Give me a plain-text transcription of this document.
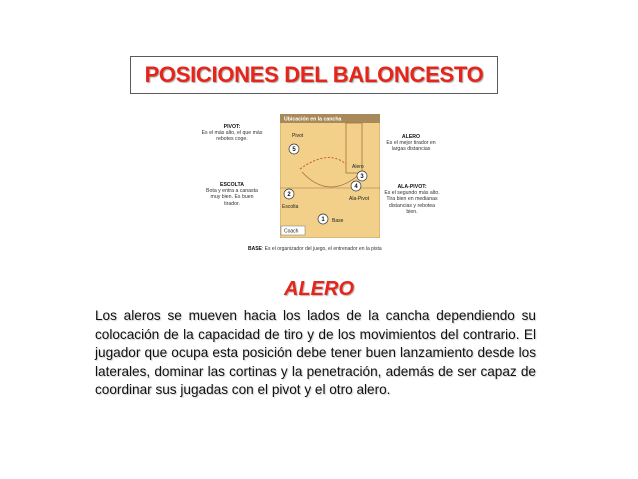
POSICIONES DEL BALONCESTO
PIVOT:
Es el más alto, el que más rebotes coge.
ESCOLTA
Bota y entra a canasta muy bien. Es buen tirador.
Ubicación en la cancha
5
Pivot
3
Alero
4
Ala-Pivot
2
Escolta
1 Base
Coach
ALERO
Es el mejor tirador en largas distancias
ALA-PIVOT:
Es el segundo más alto. Tira bien en medianas distancias y rebotea bien.
BASE: Es el organizador del juego, el entrenador en la pista
ALERO
Los aleros se mueven hacia los lados de la cancha dependiendo su colocación de la capacidad de tiro y de los movimientos del contrario. El jugador que ocupa esta posición debe tener buen lanzamiento desde los laterales, dominar las cortinas y la penetración, además de ser capaz de coordinar sus jugadas con el pivot y el otro alero.
